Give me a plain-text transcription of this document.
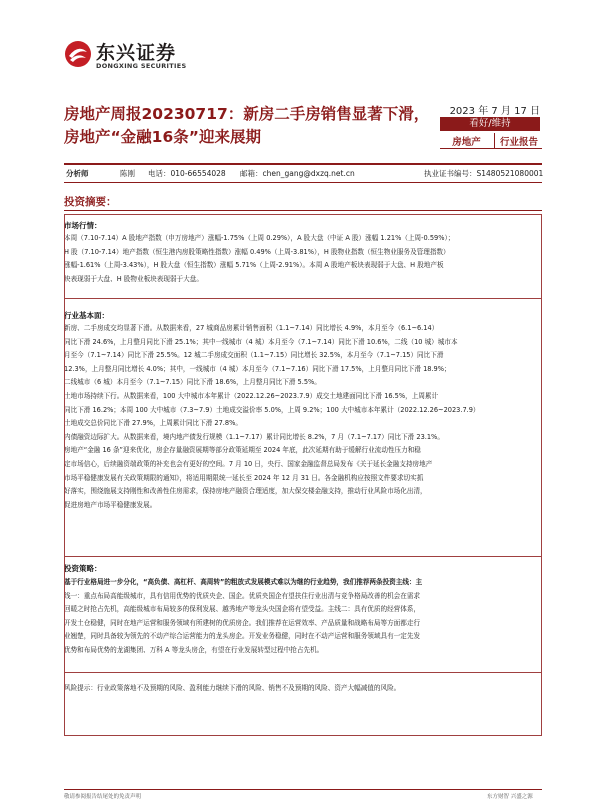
东兴证券
DONGXING SECURITIES
房地产周报20230717：新房二手房销售显著下滑，房地产“金融16条”迎来展期
2023 年 7 月 17 日
看好/维持
房地产	行业报告
分析师	陈刚 电话：010-66554028 邮箱：chen_gang@dxzq.net.cn	执业证书编号：S1480521080001
投资摘要：
市场行情：
本周（7.10-7.14）A 股地产指数（申万房地产）涨幅-1.75%（上周 0.29%），A 股大盘（中证 A 股）涨幅 1.21%（上周-0.59%）；
H 股（7.10-7.14）地产指数（恒生港内房股策略性指数）涨幅 0.49%（上周-3.81%），H 股物业指数（恒生物业服务及管理指数）
涨幅-1.61%（上周-3.43%），H 股大盘（恒生指数）涨幅 5.71%（上周-2.91%）。本周 A 股地产板块表现弱于大盘、H 股地产板
块表现弱于大盘、H 股物业板块表现弱于大盘。
行业基本面：
新房、二手房成交均显著下滑。从数据来看，27 城商品房累计销售面积（1.1~7.14）同比增长 4.9%，本月至今（6.1~6.14）
同比下滑 24.6%，上月整月同比下滑 25.1%；其中一线城市（4 城）本月至今（7.1~7.14）同比下滑 10.6%，二线（10 城）城市本
月至今（7.1~7.14）同比下滑 25.5%。12 城二手房成交面积（1.1~7.15）同比增长 32.5%，本月至今（7.1~7.15）同比下滑
12.3%，上月整月同比增长 4.0%；其中，一线城市（4 城）本月至今（7.1~7.16）同比下滑 17.5%，上月整月同比下滑 18.9%；
二线城市（6 城）本月至今（7.1~7.15）同比下滑 18.6%，上月整月同比下滑 5.5%。
土地市场持续下行。从数据来看，100 大中城市本年累计（2022.12.26~2023.7.9）成交土地建面同比下滑 16.5%，上周累计
同比下滑 16.2%；本周 100 大中城市（7.3~7.9）土地成交溢价率 5.0%，上周 9.2%；100 大中城市本年累计（2022.12.26~2023.7.9）
土地成交总价同比下滑 27.9%，上周累计同比下滑 27.8%。
内债融资边际扩大。从数据来看，境内地产债发行规模（1.1~7.17）累计同比增长 8.2%，7 月（7.1~7.17）同比下滑 23.1%。
房地产“金融 16 条”迎来优化，房企存量融资展期等部分政策延期至 2024 年底，此次延期有助于缓解行业流动性压力和稳
定市场信心，后续融资端政策的补充也会有更好的空间。7 月 10 日，央行、国家金融监督总局发布《关于延长金融支持房地产
市场平稳健康发展有关政策期限的通知》，将适用期限统一延长至 2024 年 12 月 31 日。各金融机构应按照文件要求切实抓
好落实，围绕施展支持刚性和改善性住房需求，保持房地产融资合理适度，加大保交楼金融支持，推动行业风险市场化出清，
促进房地产市场平稳健康发展。
投资策略：
基于行业格局进一步分化，“高负债、高杠杆、高周转”的粗放式发展模式难以为继的行业趋势，我们推荐两条投资主线：主
线一：重点布局高能级城市，具有信用优势的优质央企、国企。优质央国企有望扶住行业出清与竞争格局改善的机会在需求
回暖之时抢占先机，高能级城市布局较多的保利发展、越秀地产等龙头央国企将有望受益。主线二：具有优质的经营体系，
开发土仓稳健，同时在地产运营和服务领域有所建树的优质房企。我们推荐在运营效率、产品质量和战略布局等方面都走行
业翘楚，同时具备较为领先的不动产综合运营能力的龙头房企。开发业务稳健，同时在不动产运营和服务领域具有一定先发
优势和布局优势的龙湖集团、万科 A 等龙头房企，有望在行业发展转型过程中抢占先机。
风险提示：行业政策落地不及预期的风险、盈利能力继续下滑的风险、销售不及预期的风险、资产大幅减值的风险。
敬请参阅报告结尾处的免责声明	东方财智 兴盛之源
